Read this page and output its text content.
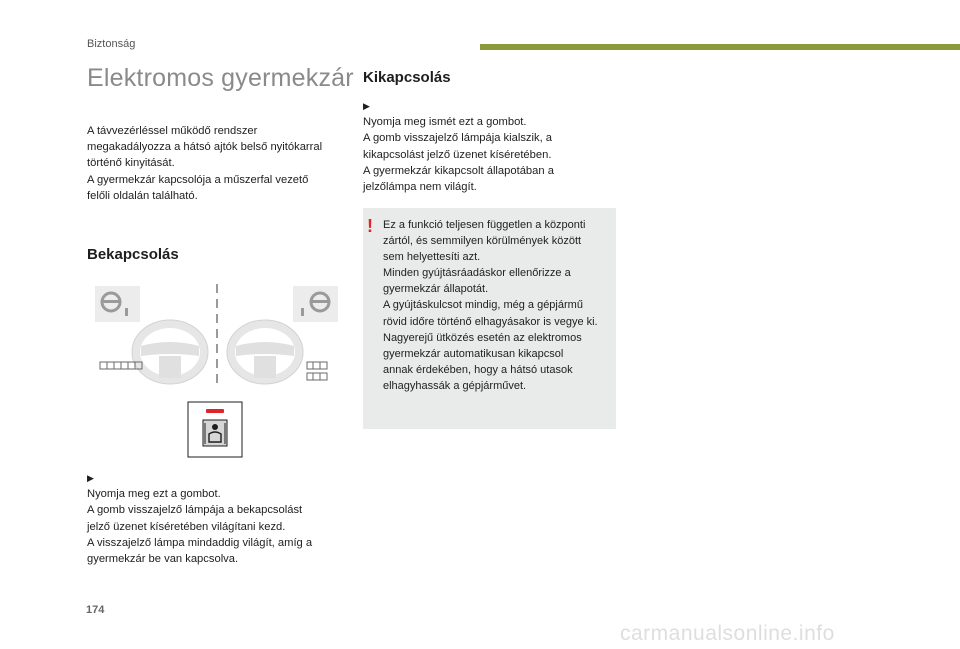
Biztonság
Elektromos gyermekzár

A távvezérléssel működő rendszer
megakadályozza a hátsó ajtók belső nyitókarral
történő kinyitását.
A gyermekzár kapcsolója a műszerfal vezető
felőli oldalán található.

Bekapcsolás

▶
Nyomja meg ezt a gombot.
A gomb visszajelző lámpája a bekapcsolást
jelző üzenet kíséretében világítani kezd.
A visszajelző lámpa mindaddig világít, amíg a
gyermekzár be van kapcsolva.

Kikapcsolás

▶
Nyomja meg ismét ezt a gombot.
A gomb visszajelző lámpája kialszik, a
kikapcsolást jelző üzenet kíséretében.
A gyermekzár kikapcsolt állapotában a
jelzőlámpa nem világít.

! Ez a funkció teljesen független a központi
zártól, és semmilyen körülmények között
sem helyettesíti azt.
Minden gyújtásráadáskor ellenőrizze a
gyermekzár állapotát.
A gyújtáskulcsot mindig, még a gépjármű
rövid időre történő elhagyásakor is vegye ki.
Nagyerejű ütközés esetén az elektromos
gyermekzár automatikusan kikapcsol
annak érdekében, hogy a hátsó utasok
elhagyhassák a gépjárművet.

174
carmanualsonline.info
